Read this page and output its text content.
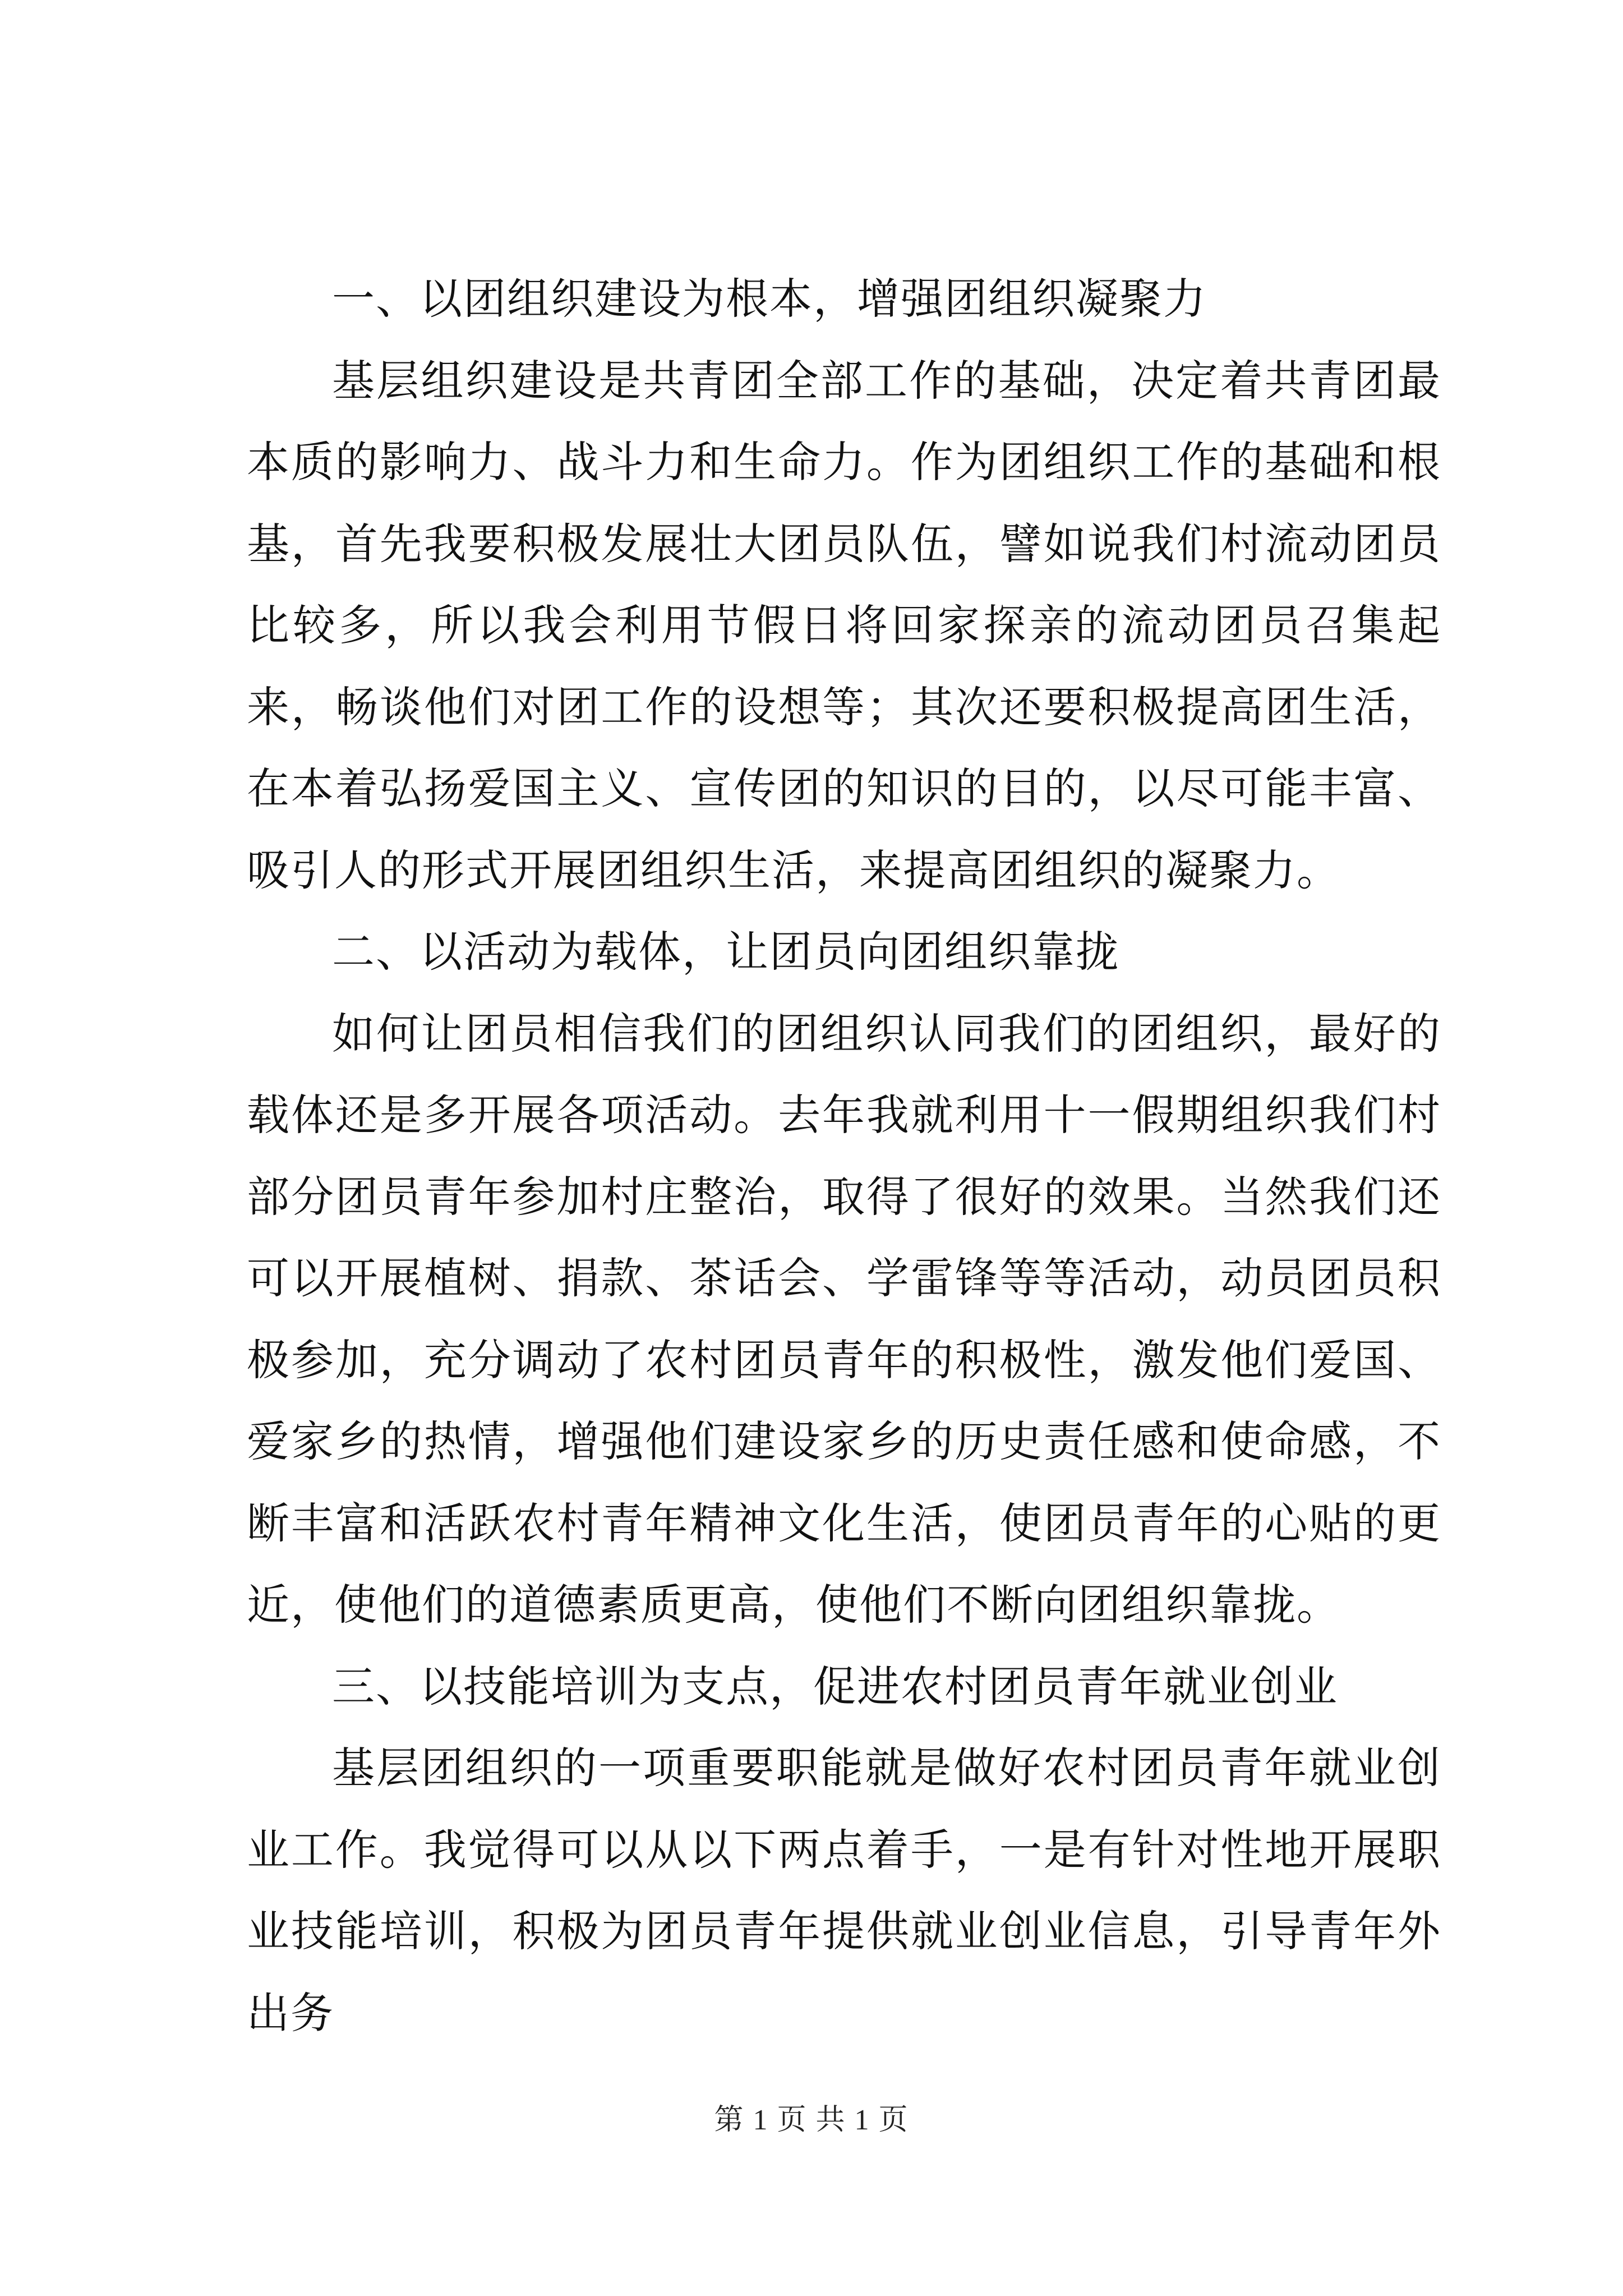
一、以团组织建设为根本，增强团组织凝聚力

基层组织建设是共青团全部工作的基础，决定着共青团最本质的影响力、战斗力和生命力。作为团组织工作的基础和根基，首先我要积极发展壮大团员队伍，譬如说我们村流动团员比较多，所以我会利用节假日将回家探亲的流动团员召集起来，畅谈他们对团工作的设想等；其次还要积极提高团生活，在本着弘扬爱国主义、宣传团的知识的目的，以尽可能丰富、吸引人的形式开展团组织生活，来提高团组织的凝聚力。

二、以活动为载体，让团员向团组织靠拢

如何让团员相信我们的团组织认同我们的团组织，最好的载体还是多开展各项活动。去年我就利用十一假期组织我们村部分团员青年参加村庄整治，取得了很好的效果。当然我们还可以开展植树、捐款、茶话会、学雷锋等等活动，动员团员积极参加，充分调动了农村团员青年的积极性，激发他们爱国、爱家乡的热情，增强他们建设家乡的历史责任感和使命感，不断丰富和活跃农村青年精神文化生活，使团员青年的心贴的更近，使他们的道德素质更高，使他们不断向团组织靠拢。

三、以技能培训为支点，促进农村团员青年就业创业

基层团组织的一项重要职能就是做好农村团员青年就业创业工作。我觉得可以从以下两点着手，一是有针对性地开展职业技能培训，积极为团员青年提供就业创业信息，引导青年外出务

第 1 页 共 1 页
